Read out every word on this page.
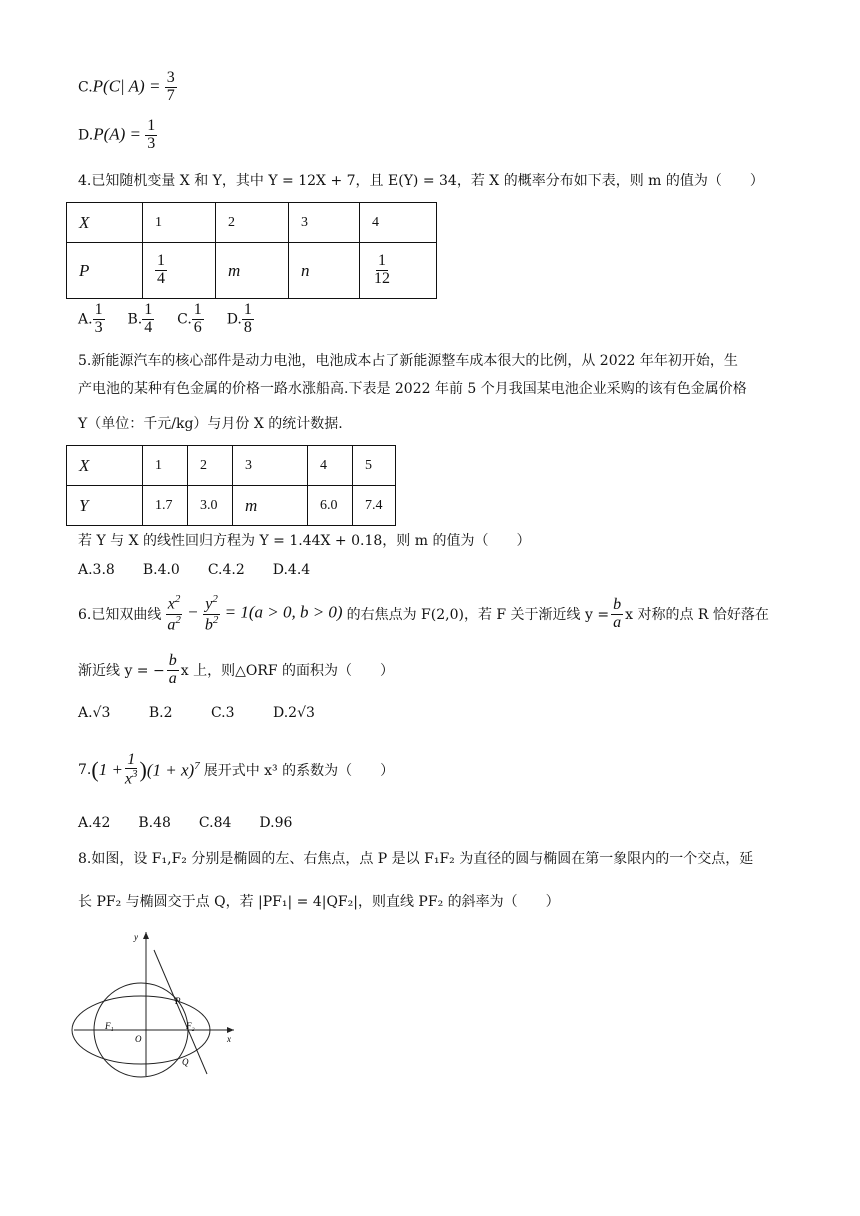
C.P(C| $A) = \frac{3}{7}$
$D.P(A) = \frac{1}{3}$
4.已知随机变量 X 和 Y，其中 Y = 12X + 7，且 E(Y) = 34，若 X 的概率分布如下表，则 m 的值为（　　）
X	1	2	3	4
P	$\frac{1}{4}$	m	n	$\frac{1}{12}$
A. $\frac{1}{3} B$. $\frac{1}{4} C$. $\frac{1}{6} D$. $\frac{1}{8}$
5.新能源汽车的核心部件是动力电池，电池成本占了新能源整车成本很大的比例，从 2022 年年初开始，生
产电池的某种有色金属的价格一路水涨船高.下表是 2022 年前 5 个月我国某电池企业采购的该有色金属价格
Y（单位：千元/kg）与月份 X 的统计数据.
X	1	2	3	4	5
Y	1.7	3.0	m	6.0	7.4
若 Y 与 X 的线性回归方程为 Y = 1.44X + 0.18，则 m 的值为（　　）
A.3.8　　B.4.0　　C.4.2　　D.4.4
6.已知双曲线 $\frac{x^2}{a^2} - \frac{y^2}{b^2} = 1(a > 0$, b > 0) 的右焦点为 F(2,0)，若 F 关于渐近线 $y = \frac{b}{a}$ x 对称的点 R 恰好落在
渐近线 y = − $\frac{b}{a}$ x 上，则△ORF 的面积为（　　）
A.√3	B.2	C.3	D.2√3
7. ( $1 + \frac{1}{x^3}$ ) $(1 + x)^7$ 展开式中 x³ 的系数为（　　）
A.42　　B.48　　C.84　　D.96
8.如图，设 F₁,F₂ 分别是椭圆的左、右焦点，点 P 是以 F₁F₂ 为直径的圆与椭圆在第一象限内的一个交点，延
长 PF₂ 与椭圆交于点 Q，若 |PF₁| = 4|QF₂|，则直线 PF₂ 的斜率为（　　）
y
x
O
P
Q
F₁	F₂
